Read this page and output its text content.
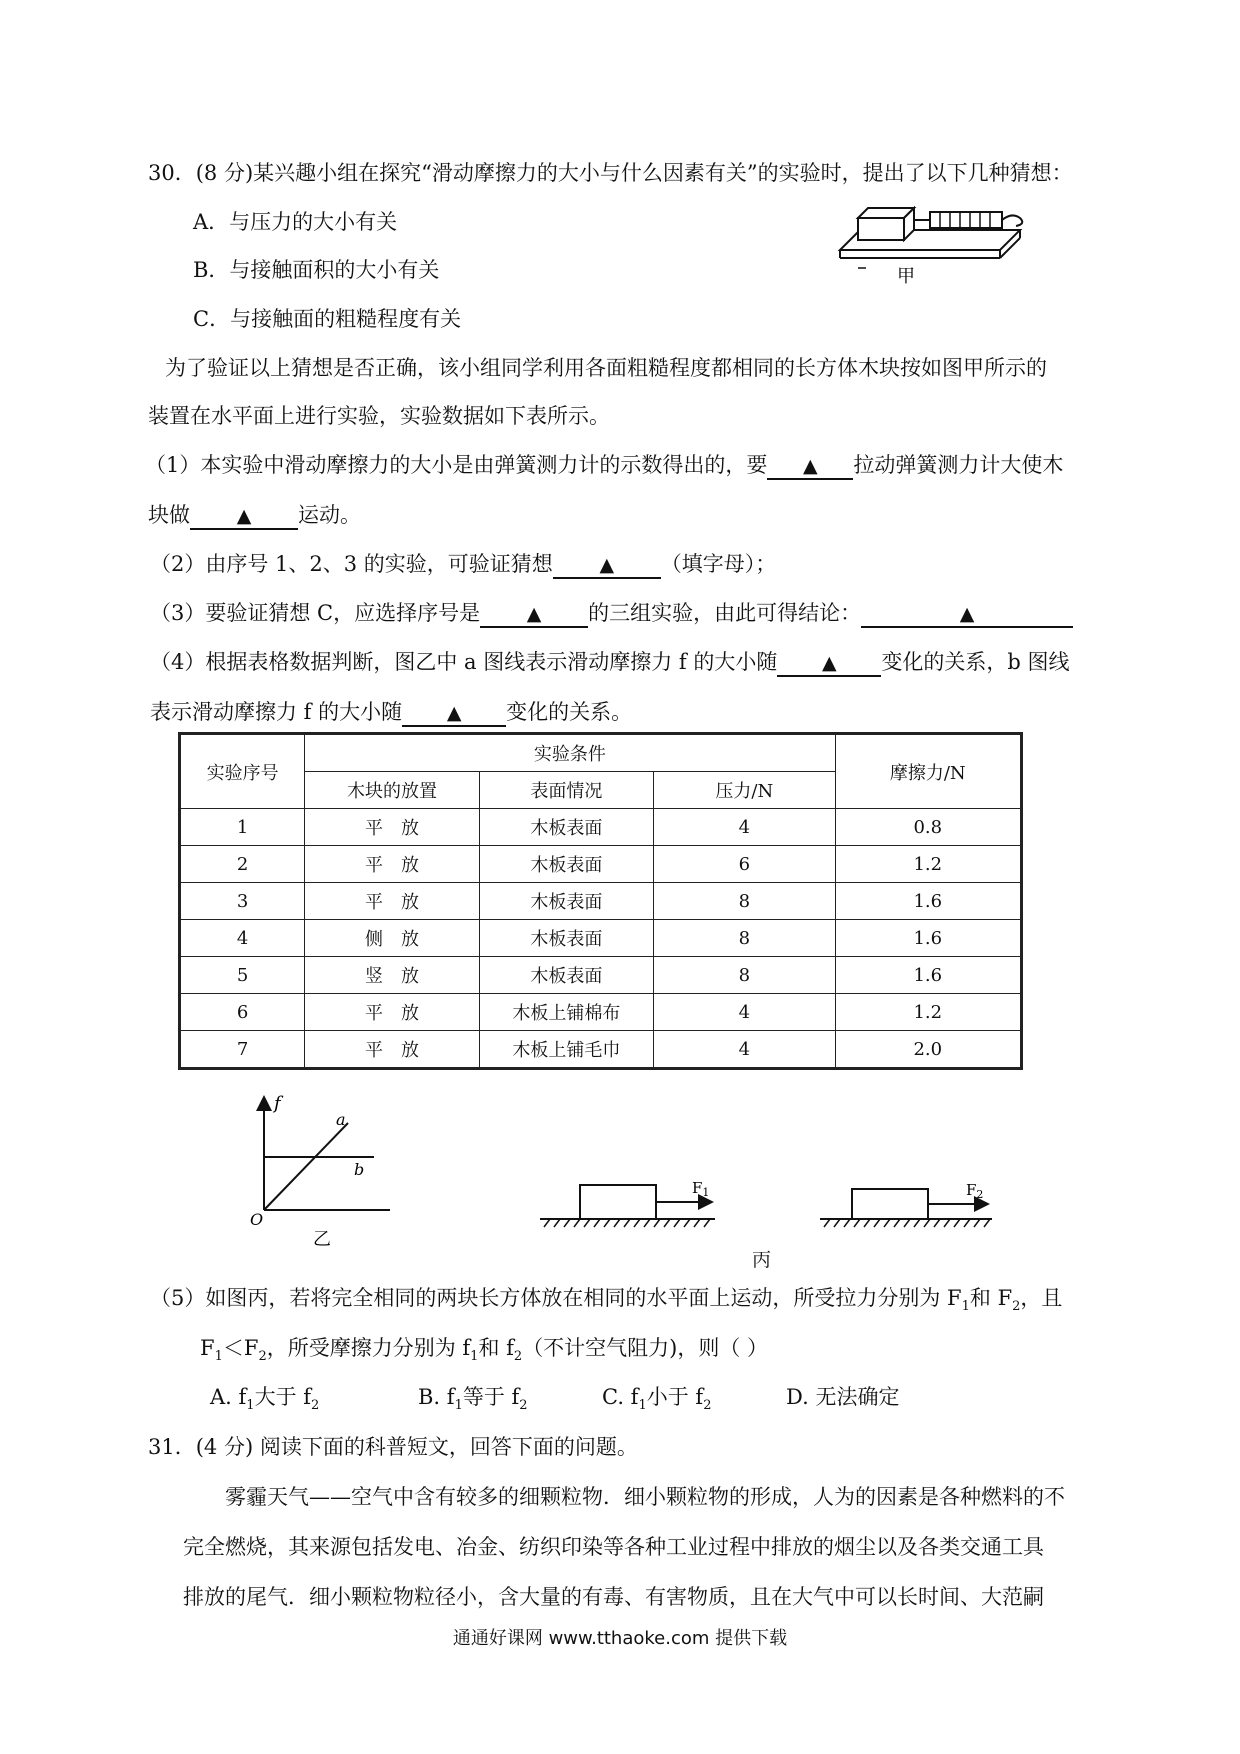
30．(8 分)某兴趣小组在探究“滑动摩擦力的大小与什么因素有关”的实验时，提出了以下几种猜想：
A．与压力的大小有关
B．与接触面积的大小有关
C．与接触面的粗糙程度有关
甲
为了验证以上猜想是否正确，该小组同学利用各面粗糙程度都相同的长方体木块按如图甲所示的
装置在水平面上进行实验，实验数据如下表所示。
（1）本实验中滑动摩擦力的大小是由弹簧测力计的示数得出的，要 ▲ 拉动弹簧测力计大使木
块做 ▲ 运动。
（2）由序号 1、2、3 的实验，可验证猜想 ▲ （填字母）；
（3）要验证猜想 C，应选择序号是 ▲ 的三组实验，由此可得结论：	▲
（4）根据表格数据判断，图乙中 a 图线表示滑动摩擦力 f 的大小随 ▲ 变化的关系，b 图线
表示滑动摩擦力 f 的大小随 ▲ 变化的关系。
实验序号	实验条件			摩擦力/N
	木块的放置	表面情况	压力/N	
1	平　放	木板表面	4	0.8
2	平　放	木板表面	6	1.2
3	平　放	木板表面	8	1.6
4	侧　放	木板表面	8	1.6
5	竖　放	木板表面	8	1.6
6	平　放	木板上铺棉布	4	1.2
7	平　放	木板上铺毛巾	4	2.0
f
O
a
b
乙
$F_1$	$F_2$
丙
（5）如图丙，若将完全相同的两块长方体放在相同的水平面上运动，所受拉力分别为 $F_1$和 $F_2$，且
$F_1<F_2$，所受摩擦力分别为 $f_1$和 $f_2$（不计空气阻力)，则（ ）
A. $f_1$大于 $f_2$	B. $f_1$等于 $f_2$	C. $f_1$小于 $f_2$	D. 无法确定
31．(4 分) 阅读下面的科普短文，回答下面的问题。
雾霾天气——空气中含有较多的细颗粒物．细小颗粒物的形成，人为的因素是各种燃料的不
完全燃烧，其来源包括发电、冶金、纺织印染等各种工业过程中排放的烟尘以及各类交通工具
排放的尾气．细小颗粒物粒径小，含大量的有毒、有害物质，且在大气中可以长时间、大范嗣
通通好课网 www.tthaoke.com 提供下载
